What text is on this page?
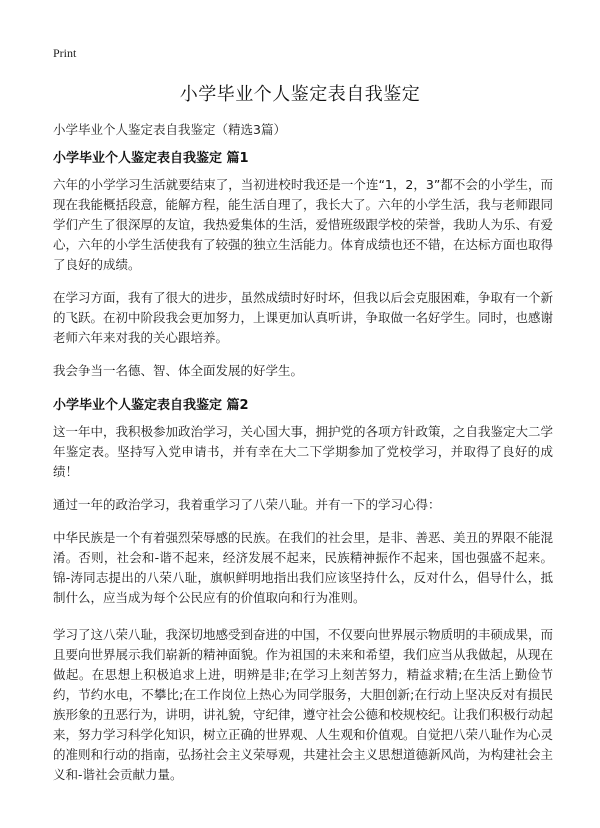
Print
小学毕业个人鉴定表自我鉴定
小学毕业个人鉴定表自我鉴定（精选3篇）
小学毕业个人鉴定表自我鉴定 篇1

六年的小学学习生活就要结束了，当初进校时我还是一个连“1，2，3”都不会的小学生，而现在我能概括段意，能解方程，能生活自理了，我长大了。六年的小学生活，我与老师跟同学们产生了很深厚的友谊，我热爱集体的生活，爱惜班级跟学校的荣誉，我助人为乐、有爱心，六年的小学生活使我有了较强的独立生活能力。体育成绩也还不错，在达标方面也取得了良好的成绩。

在学习方面，我有了很大的进步，虽然成绩时好时坏，但我以后会克服困难，争取有一个新的飞跃。在初中阶段我会更加努力，上课更加认真听讲，争取做一名好学生。同时，也感谢老师六年来对我的关心跟培养。

我会争当一名德、智、体全面发展的好学生。

小学毕业个人鉴定表自我鉴定 篇2

这一年中，我积极参加政治学习，关心国大事，拥护党的各项方针政策，之自我鉴定大二学年鉴定表。坚持写入党申请书，并有幸在大二下学期参加了党校学习，并取得了良好的成绩！

通过一年的政治学习，我着重学习了八荣八耻。并有一下的学习心得：

中华民族是一个有着强烈荣辱感的民族。在我们的社会里，是非、善恶、美丑的界限不能混淆。否则，社会和-谐不起来，经济发展不起来，民族精神振作不起来，国也强盛不起来。锦-涛同志提出的八荣八耻，旗帜鲜明地指出我们应该坚持什么，反对什么，倡导什么，抵制什么，应当成为每个公民应有的价值取向和行为准则。

学习了这八荣八耻，我深切地感受到奋进的中国，不仅要向世界展示物质明的丰硕成果，而且要向世界展示我们崭新的精神面貌。作为祖国的未来和希望，我们应当从我做起，从现在做起。在思想上积极追求上进，明辨是非;在学习上刻苦努力，精益求精;在生活上勤俭节约，节约水电，不攀比;在工作岗位上热心为同学服务，大胆创新;在行动上坚决反对有损民族形象的丑恶行为，讲明，讲礼貌，守纪律，遵守社会公德和校规校纪。让我们积极行动起来，努力学习科学化知识，树立正确的世界观、人生观和价值观。自觉把八荣八耻作为心灵的准则和行动的指南，弘扬社会主义荣辱观，共建社会主义思想道德新风尚，为构建社会主义和-谐社会贡献力量。
